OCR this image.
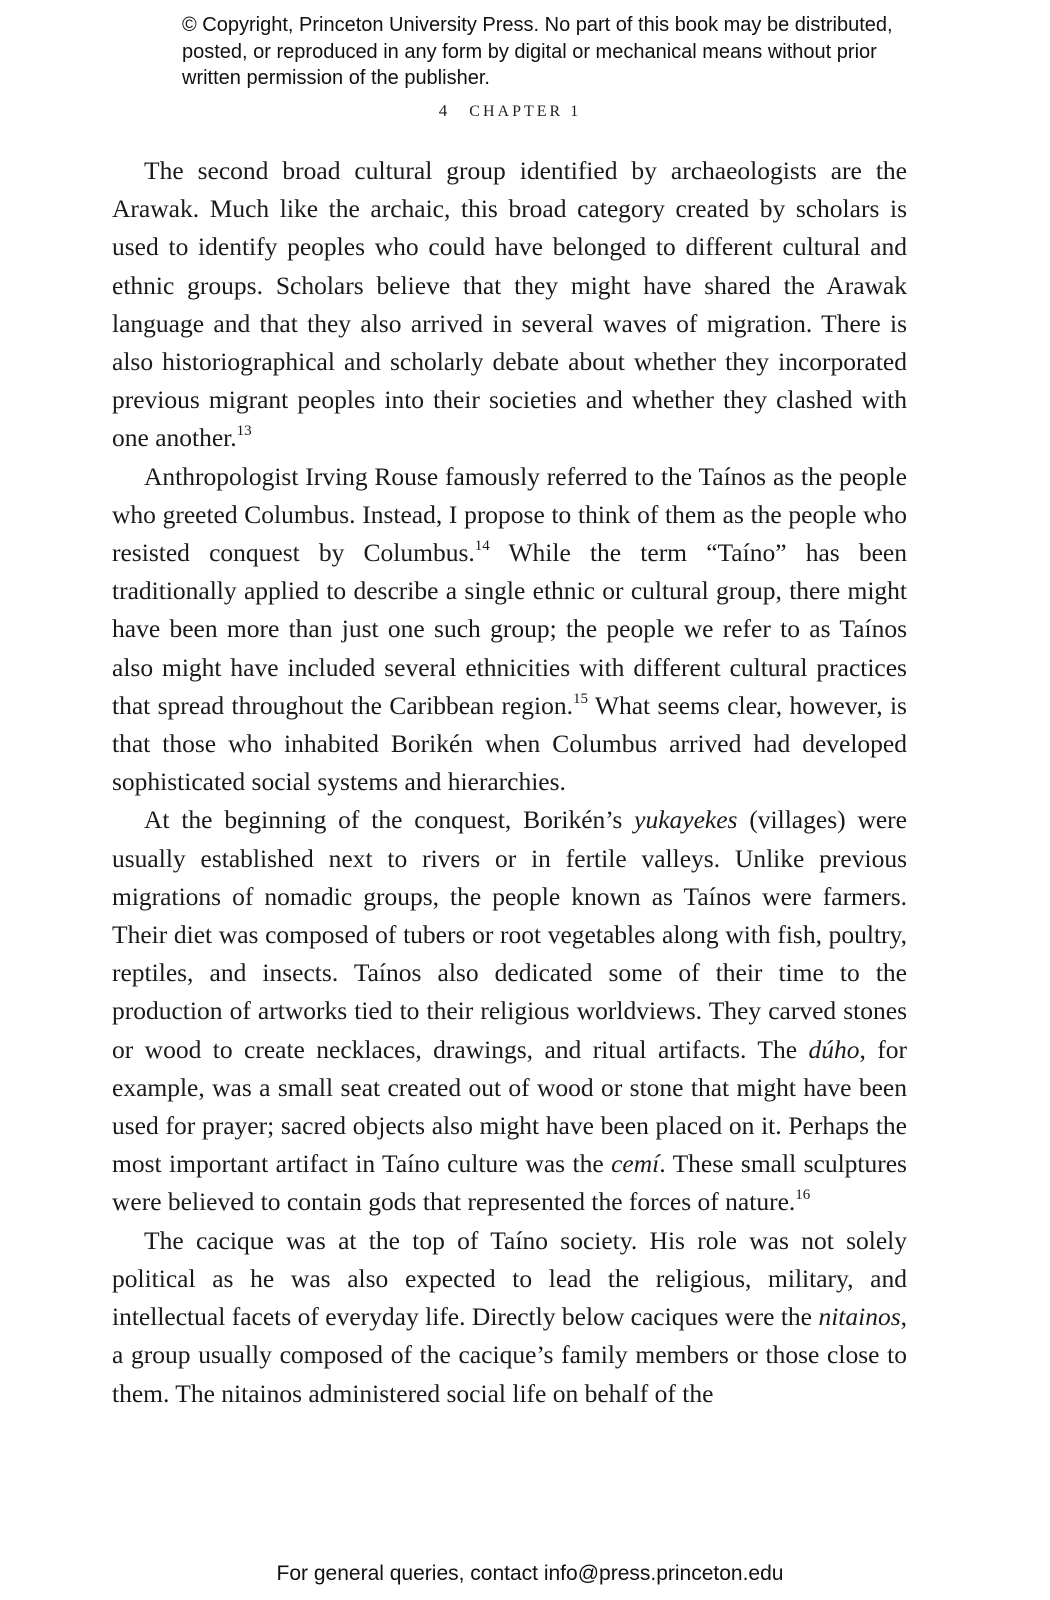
© Copyright, Princeton University Press. No part of this book may be distributed, posted, or reproduced in any form by digital or mechanical means without prior written permission of the publisher.
4 CHAPTER 1

The second broad cultural group identified by archaeologists are the Arawak. Much like the archaic, this broad category created by scholars is used to identify peoples who could have belonged to different cultural and ethnic groups. Scholars believe that they might have shared the Arawak language and that they also arrived in several waves of migration. There is also historiographical and scholarly debate about whether they incorporated previous migrant peoples into their societies and whether they clashed with one another.$^{13}$

Anthropologist Irving Rouse famously referred to the Taínos as the people who greeted Columbus. Instead, I propose to think of them as the people who resisted conquest by Columbus.$^{14}$ While the term “Taíno” has been traditionally applied to describe a single ethnic or cultural group, there might have been more than just one such group; the people we refer to as Taínos also might have included several ethnicities with different cultural practices that spread throughout the Caribbean region.$^{15}$ What seems clear, however, is that those who inhabited Borikén when Columbus arrived had developed sophisticated social systems and hierarchies.

At the beginning of the conquest, Borikén’s yukayekes (villages) were usually established next to rivers or in fertile valleys. Unlike previous migrations of nomadic groups, the people known as Taínos were farmers. Their diet was composed of tubers or root vegetables along with fish, poultry, reptiles, and insects. Taínos also dedicated some of their time to the production of artworks tied to their religious worldviews. They carved stones or wood to create necklaces, drawings, and ritual artifacts. The dúho, for example, was a small seat created out of wood or stone that might have been used for prayer; sacred objects also might have been placed on it. Perhaps the most important artifact in Taíno culture was the cemí. These small sculptures were believed to contain gods that represented the forces of nature.$^{16}$

The cacique was at the top of Taíno society. His role was not solely political as he was also expected to lead the religious, military, and intellectual facets of everyday life. Directly below caciques were the nitainos, a group usually composed of the cacique’s family members or those close to them. The nitainos administered social life on behalf of the

For general queries, contact info@press.princeton.edu
